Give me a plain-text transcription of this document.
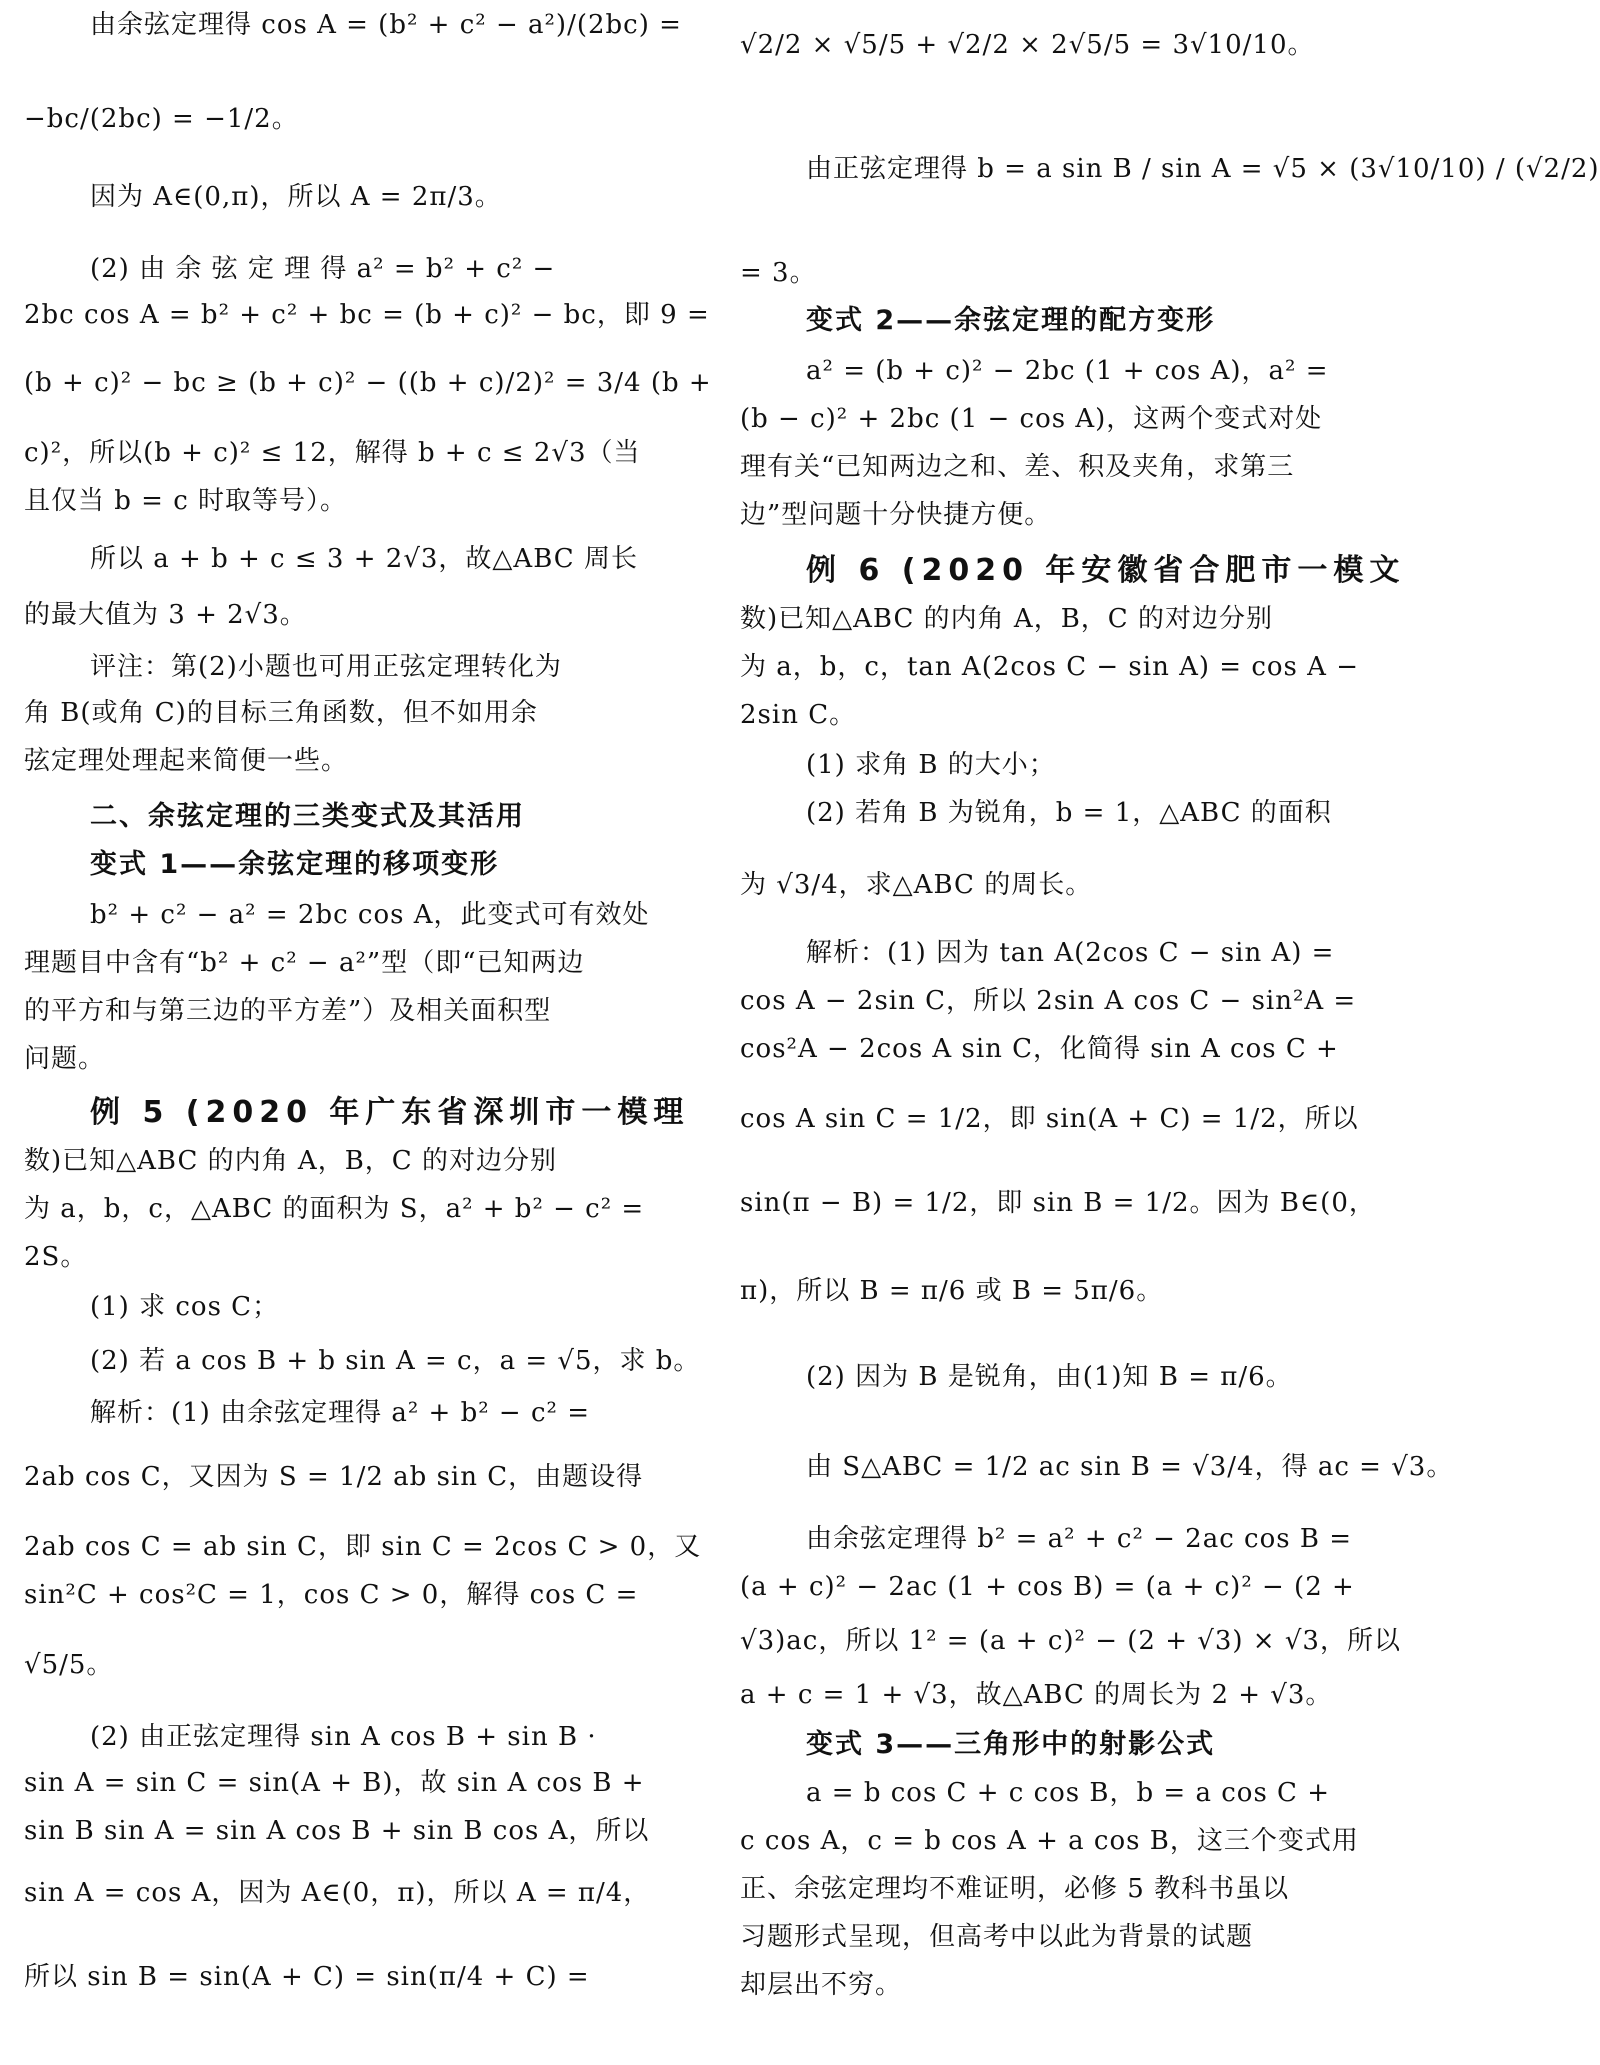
由余弦定理得 cos A = (b² + c² − a²)/(2bc) =
−bc/(2bc) = −1/2。
因为 A∈(0,π)，所以 A = 2π/3。
(2) 由 余 弦 定 理 得 a² = b² + c² −
2bc cos A = b² + c² + bc = (b + c)² − bc，即 9 =
(b + c)² − bc ≥ (b + c)² − ((b + c)/2)² = 3/4 (b +
c)²，所以(b + c)² ≤ 12，解得 b + c ≤ 2√3（当
且仅当 b = c 时取等号）。
所以 a + b + c ≤ 3 + 2√3，故△ABC 周长
的最大值为 3 + 2√3。
评注：第(2)小题也可用正弦定理转化为
角 B(或角 C)的目标三角函数，但不如用余
弦定理处理起来简便一些。
二、余弦定理的三类变式及其活用
变式 1——余弦定理的移项变形
b² + c² − a² = 2bc cos A，此变式可有效处
理题目中含有“b² + c² − a²”型（即“已知两边
的平方和与第三边的平方差”）及相关面积型
问题。
例 5 (2020 年广东省深圳市一模理
数)已知△ABC 的内角 A，B，C 的对边分别
为 a，b，c，△ABC 的面积为 S，a² + b² − c² =
2S。
(1) 求 cos C；
(2) 若 a cos B + b sin A = c，a = √5，求 b。
解析：(1) 由余弦定理得 a² + b² − c² =
2ab cos C，又因为 S = 1/2 ab sin C，由题设得
2ab cos C = ab sin C，即 sin C = 2cos C > 0，又
sin²C + cos²C = 1，cos C > 0，解得 cos C =
√5/5。
(2) 由正弦定理得 sin A cos B + sin B ·
sin A = sin C = sin(A + B)，故 sin A cos B +
sin B sin A = sin A cos B + sin B cos A，所以
sin A = cos A，因为 A∈(0，π)，所以 A = π/4，
所以 sin B = sin(A + C) = sin(π/4 + C) =
√2/2 × √5/5 + √2/2 × 2√5/5 = 3√10/10。
由正弦定理得 b = a sin B / sin A = √5 × (3√10/10) / (√2/2)
= 3。
变式 2——余弦定理的配方变形
a² = (b + c)² − 2bc (1 + cos A)，a² =
(b − c)² + 2bc (1 − cos A)，这两个变式对处
理有关“已知两边之和、差、积及夹角，求第三
边”型问题十分快捷方便。
例 6 (2020 年安徽省合肥市一模文
数)已知△ABC 的内角 A，B，C 的对边分别
为 a，b，c，tan A(2cos C − sin A) = cos A −
2sin C。
(1) 求角 B 的大小；
(2) 若角 B 为锐角，b = 1，△ABC 的面积
为 √3/4，求△ABC 的周长。
解析：(1) 因为 tan A(2cos C − sin A) =
cos A − 2sin C，所以 2sin A cos C − sin²A =
cos²A − 2cos A sin C，化简得 sin A cos C +
cos A sin C = 1/2，即 sin(A + C) = 1/2，所以
sin(π − B) = 1/2，即 sin B = 1/2。因为 B∈(0，
π)，所以 B = π/6 或 B = 5π/6。
(2) 因为 B 是锐角，由(1)知 B = π/6。
由 S△ABC = 1/2 ac sin B = √3/4，得 ac = √3。
由余弦定理得 b² = a² + c² − 2ac cos B =
(a + c)² − 2ac (1 + cos B) = (a + c)² − (2 +
√3)ac，所以 1² = (a + c)² − (2 + √3) × √3，所以
a + c = 1 + √3，故△ABC 的周长为 2 + √3。
变式 3——三角形中的射影公式
a = b cos C + c cos B，b = a cos C +
c cos A，c = b cos A + a cos B，这三个变式用
正、余弦定理均不难证明，必修 5 教科书虽以
习题形式呈现，但高考中以此为背景的试题
却层出不穷。
